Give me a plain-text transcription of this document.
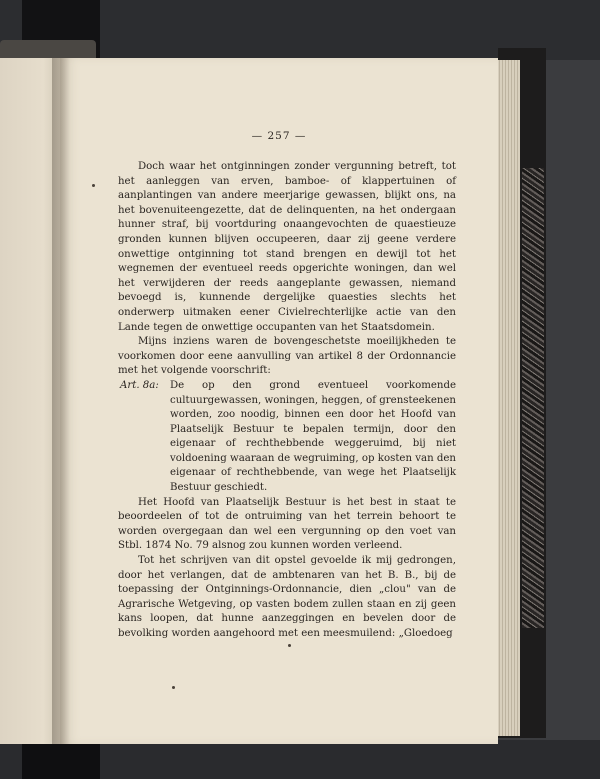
— 257 —

Doch waar het ontginningen zonder vergunning betreft, tot het aanleggen van erven, bamboe- of klappertuinen of aanplantingen van andere meerjarige gewassen, blijkt ons, na het bovenuiteengezette, dat de delinquenten, na het ondergaan hunner straf, bij voortduring onaangevochten de quaestieuze gronden kunnen blijven occupeeren, daar zij geene verdere onwettige ontginning tot stand brengen en dewijl tot het wegnemen der eventueel reeds opgerichte woningen, dan wel het verwijderen der reeds aangeplante gewassen, niemand bevoegd is, kunnende dergelijke quaesties slechts het onderwerp uitmaken eener Civielrechterlijke actie van den Lande tegen de onwettige occupanten van het Staatsdomein.

Mijns inziens waren de bovengeschetste moeilijkheden te voorkomen door eene aanvulling van artikel 8 der Ordonnancie met het volgende voorschrift:

Art. 8a:	De op den grond eventueel voorkomende cultuurgewassen, woningen, heggen, of grensteekenen worden, zoo noodig, binnen een door het Hoofd van Plaatselijk Bestuur te bepalen termijn, door den eigenaar of rechthebbende weggeruimd, bij niet voldoening waaraan de wegruiming, op kosten van den eigenaar of rechthebbende, van wege het Plaatselijk Bestuur geschiedt.

Het Hoofd van Plaatselijk Bestuur is het best in staat te beoordeelen of tot de ontruiming van het terrein behoort te worden overgegaan dan wel een vergunning op den voet van Stbl. 1874 No. 79 alsnog zou kunnen worden verleend.

Tot het schrijven van dit opstel gevoelde ik mij gedrongen, door het verlangen, dat de ambtenaren van het B. B., bij de toepassing der Ontginnings-Ordonnancie, dien „clou" van de Agrarische Wetgeving, op vasten bodem zullen staan en zij geen kans loopen, dat hunne aanzeggingen en bevelen door de bevolking worden aangehoord met een meesmuilend: „Gloedoeg
